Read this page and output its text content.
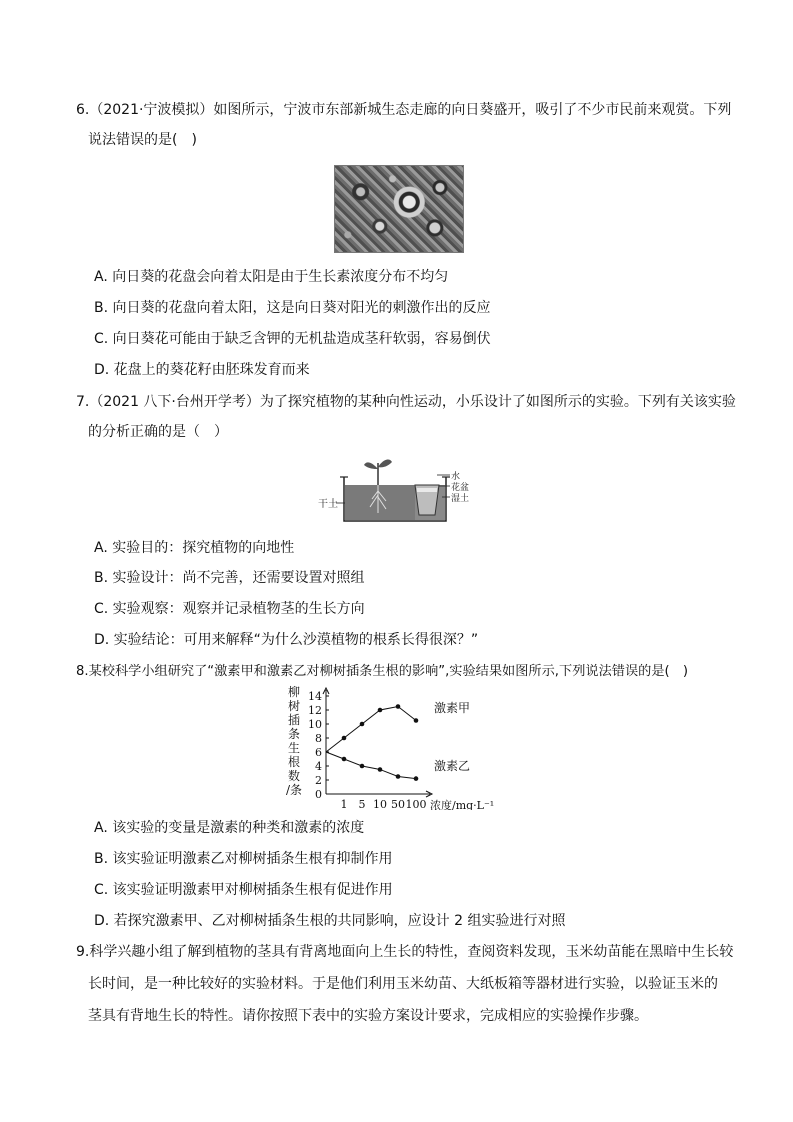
6.（2021·宁波模拟）如图所示，宁波市东部新城生态走廊的向日葵盛开，吸引了不少市民前来观赏。下列
说法错误的是(　)
A. 向日葵的花盘会向着太阳是由于生长素浓度分布不均匀
B. 向日葵的花盘向着太阳，这是向日葵对阳光的刺激作出的反应
C. 向日葵花可能由于缺乏含钾的无机盐造成茎秆软弱，容易倒伏
D. 花盘上的葵花籽由胚珠发育而来
7.（2021 八下·台州开学考）为了探究植物的某种向性运动，小乐设计了如图所示的实验。下列有关该实验
的分析正确的是（　）
干土
水
花盆
湿土
A. 实验目的：探究植物的向地性
B. 实验设计：尚不完善，还需要设置对照组
C. 实验观察：观察并记录植物茎的生长方向
D. 实验结论：可用来解释“为什么沙漠植物的根系长得很深？”
8.某校科学小组研究了“激素甲和激素乙对柳树插条生根的影响”,实验结果如图所示,下列说法错误的是(　)
柳
树
插
条
生
根
数
/条 0
2
4
6
8
10
12
14
1 5 10 50 100 浓度/mg·L⁻¹
激素甲
激素乙
A. 该实验的变量是激素的种类和激素的浓度
B. 该实验证明激素乙对柳树插条生根有抑制作用
C. 该实验证明激素甲对柳树插条生根有促进作用
D. 若探究激素甲、乙对柳树插条生根的共同影响，应设计 2 组实验进行对照
9.科学兴趣小组了解到植物的茎具有背离地面向上生长的特性，查阅资料发现，玉米幼苗能在黑暗中生长较
长时间，是一种比较好的实验材料。于是他们利用玉米幼苗、大纸板箱等器材进行实验，以验证玉米的
茎具有背地生长的特性。请你按照下表中的实验方案设计要求，完成相应的实验操作步骤。
